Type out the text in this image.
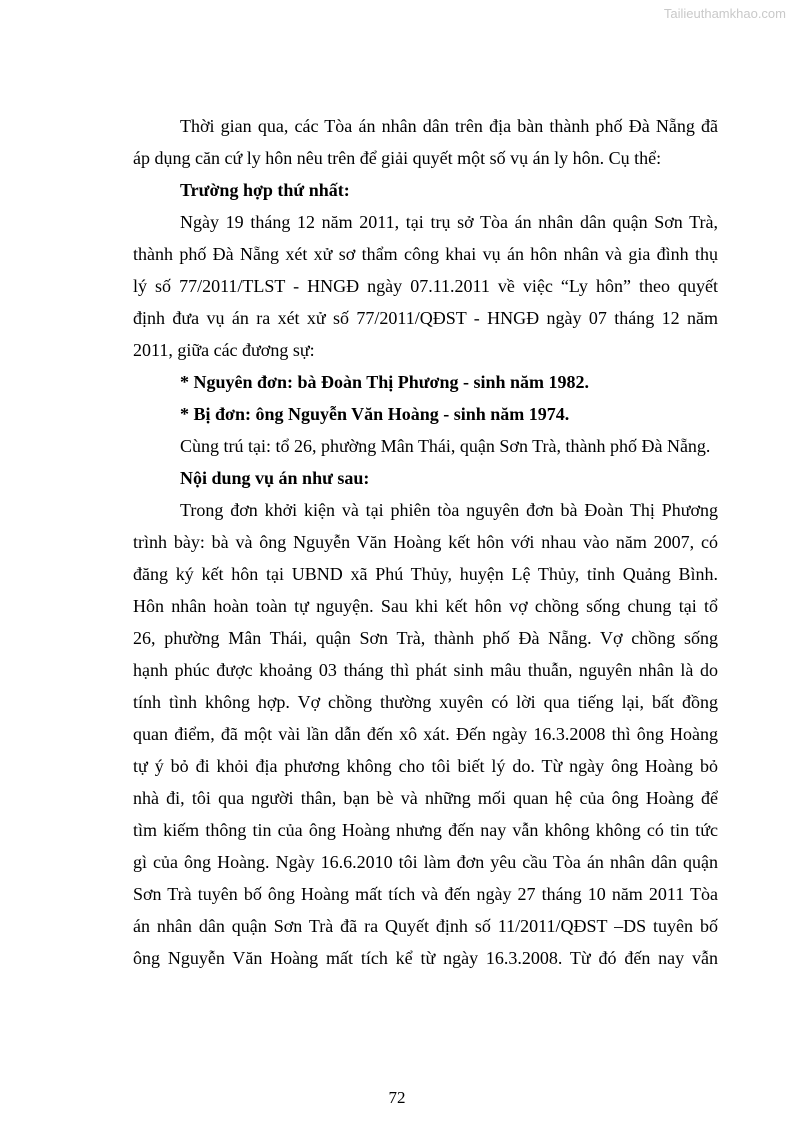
Tailieuthamkhao.com
Thời gian qua, các Tòa án nhân dân trên địa bàn thành phố Đà Nẵng đã
áp dụng căn cứ ly hôn nêu trên để giải quyết một số vụ án ly hôn. Cụ thể:
Trường hợp thứ nhất:
Ngày 19 tháng 12 năm 2011, tại trụ sở Tòa án nhân dân quận Sơn Trà,
thành phố Đà Nẵng xét xử sơ thẩm công khai vụ án hôn nhân và gia đình thụ
lý số 77/2011/TLST - HNGĐ ngày 07.11.2011 về việc “Ly hôn” theo quyết
định đưa vụ án ra xét xử số 77/2011/QĐST - HNGĐ ngày 07 tháng 12 năm
2011, giữa các đương sự:
* Nguyên đơn: bà Đoàn Thị Phương - sinh năm 1982.
* Bị đơn: ông Nguyễn Văn Hoàng - sinh năm 1974.
Cùng trú tại: tổ 26, phường Mân Thái, quận Sơn Trà, thành phố Đà Nẵng.
Nội dung vụ án như sau:
Trong đơn khởi kiện và tại phiên tòa nguyên đơn bà Đoàn Thị Phương
trình bày: bà và ông Nguyễn Văn Hoàng kết hôn với nhau vào năm 2007, có
đăng ký kết hôn tại UBND xã Phú Thủy, huyện Lệ Thủy, tỉnh Quảng Bình.
Hôn nhân hoàn toàn tự nguyện. Sau khi kết hôn vợ chồng sống chung tại tổ
26, phường Mân Thái, quận Sơn Trà, thành phố Đà Nẵng. Vợ chồng sống
hạnh phúc được khoảng 03 tháng thì phát sinh mâu thuẫn, nguyên nhân là do
tính tình không hợp. Vợ chồng thường xuyên có lời qua tiếng lại, bất đồng
quan điểm, đã một vài lần dẫn đến xô xát. Đến ngày 16.3.2008 thì ông Hoàng
tự ý bỏ đi khỏi địa phương không cho tôi biết lý do. Từ ngày ông Hoàng bỏ
nhà đi, tôi qua người thân, bạn bè và những mối quan hệ của ông Hoàng để
tìm kiếm thông tin của ông Hoàng nhưng đến nay vẫn không không có tin tức
gì của ông Hoàng. Ngày 16.6.2010 tôi làm đơn yêu cầu Tòa án nhân dân quận
Sơn Trà tuyên bố ông Hoàng mất tích và đến ngày 27 tháng 10 năm 2011 Tòa
án nhân dân quận Sơn Trà đã ra Quyết định số 11/2011/QĐST –DS tuyên bố
ông Nguyễn Văn Hoàng mất tích kể từ ngày 16.3.2008. Từ đó đến nay vẫn
72
